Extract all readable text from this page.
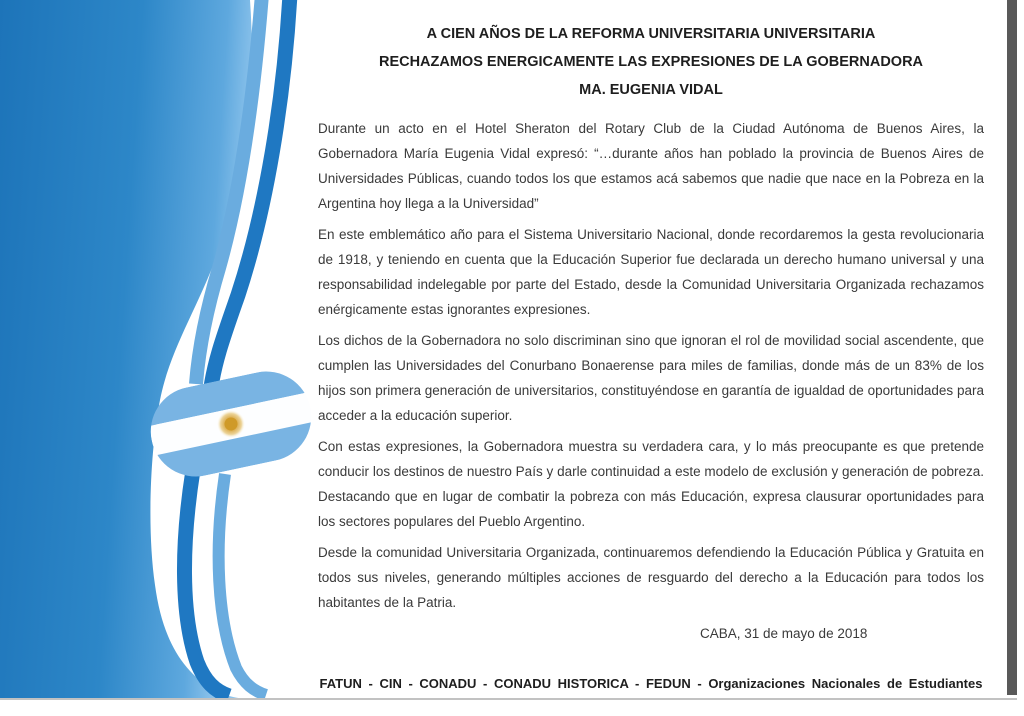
A CIEN AÑOS DE LA REFORMA UNIVERSITARIA UNIVERSITARIA
RECHAZAMOS ENERGICAMENTE LAS EXPRESIONES DE LA GOBERNADORA
MA. EUGENIA VIDAL

Durante un acto en el Hotel Sheraton del Rotary Club de la Ciudad Autónoma de Buenos Aires, la Gobernadora María Eugenia Vidal expresó: “…durante años han poblado la provincia de Buenos Aires de Universidades Públicas, cuando todos los que estamos acá sabemos que nadie que nace en la Pobreza en la Argentina hoy llega a la Universidad”

En este emblemático año para el Sistema Universitario Nacional, donde recordaremos la gesta revolucionaria de 1918, y teniendo en cuenta que la Educación Superior fue declarada un derecho humano universal y una responsabilidad indelegable por parte del Estado, desde la Comunidad Universitaria Organizada rechazamos enérgicamente estas ignorantes expresiones.

Los dichos de la Gobernadora no solo discriminan sino que ignoran el rol de movilidad social ascendente, que cumplen las Universidades del Conurbano Bonaerense para miles de familias, donde más de un 83% de los hijos son primera generación de universitarios, constituyéndose en garantía de igualdad de oportunidades para acceder a la educación superior.

Con estas expresiones, la Gobernadora muestra su verdadera cara, y lo más preocupante es que pretende conducir los destinos de nuestro País y darle continuidad a este modelo de exclusión y generación de pobreza. Destacando que en lugar de combatir la pobreza con más Educación, expresa clausurar oportunidades para los sectores populares del Pueblo Argentino.

Desde la comunidad Universitaria Organizada, continuaremos defendiendo la Educación Pública y Gratuita en todos sus niveles, generando múltiples acciones de resguardo del derecho a la Educación para todos los habitantes de la Patria.

CABA, 31 de mayo de 2018
FATUN - CIN - CONADU - CONADU HISTORICA - FEDUN - Organizaciones Nacionales de Estudiantes
